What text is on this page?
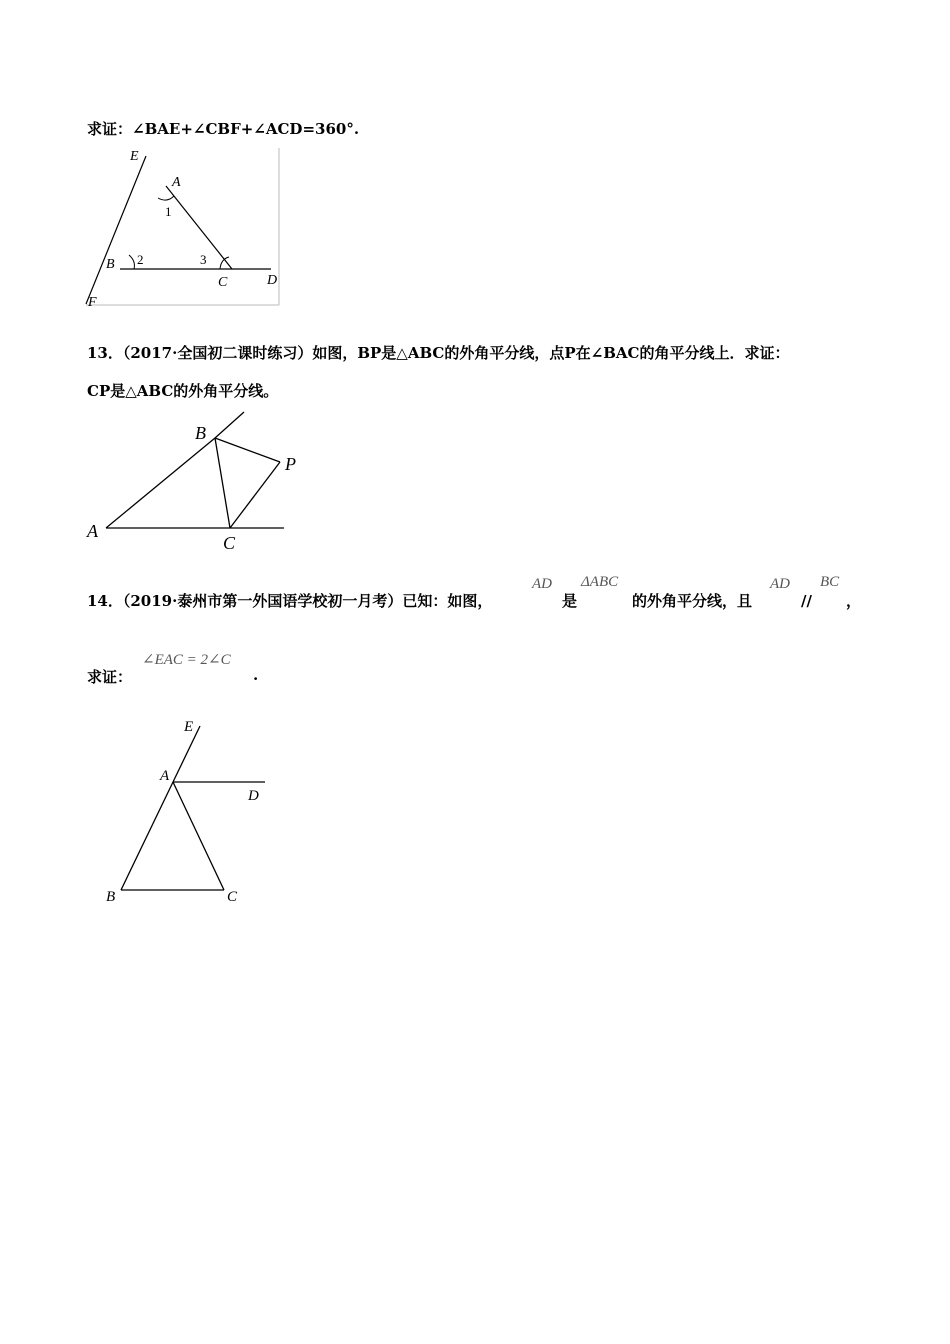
求证：∠BAE+∠CBF+∠ACD=360°.
E
A
1
B 2	3
C	D
F
13．（2017·全国初二课时练习）如图，BP是△ABC的外角平分线，点P在∠BAC的角平分线上．求证：
CP是△ABC的外角平分线。
A
B
C
P
14．（2019·泰州市第一外国语学校初一月考）已知：如图，
AD
是
ΔABC
的外角平分线，且
AD
//
BC
，
求证：
∠EAC = 2∠C
.
E
A
D
B	C
